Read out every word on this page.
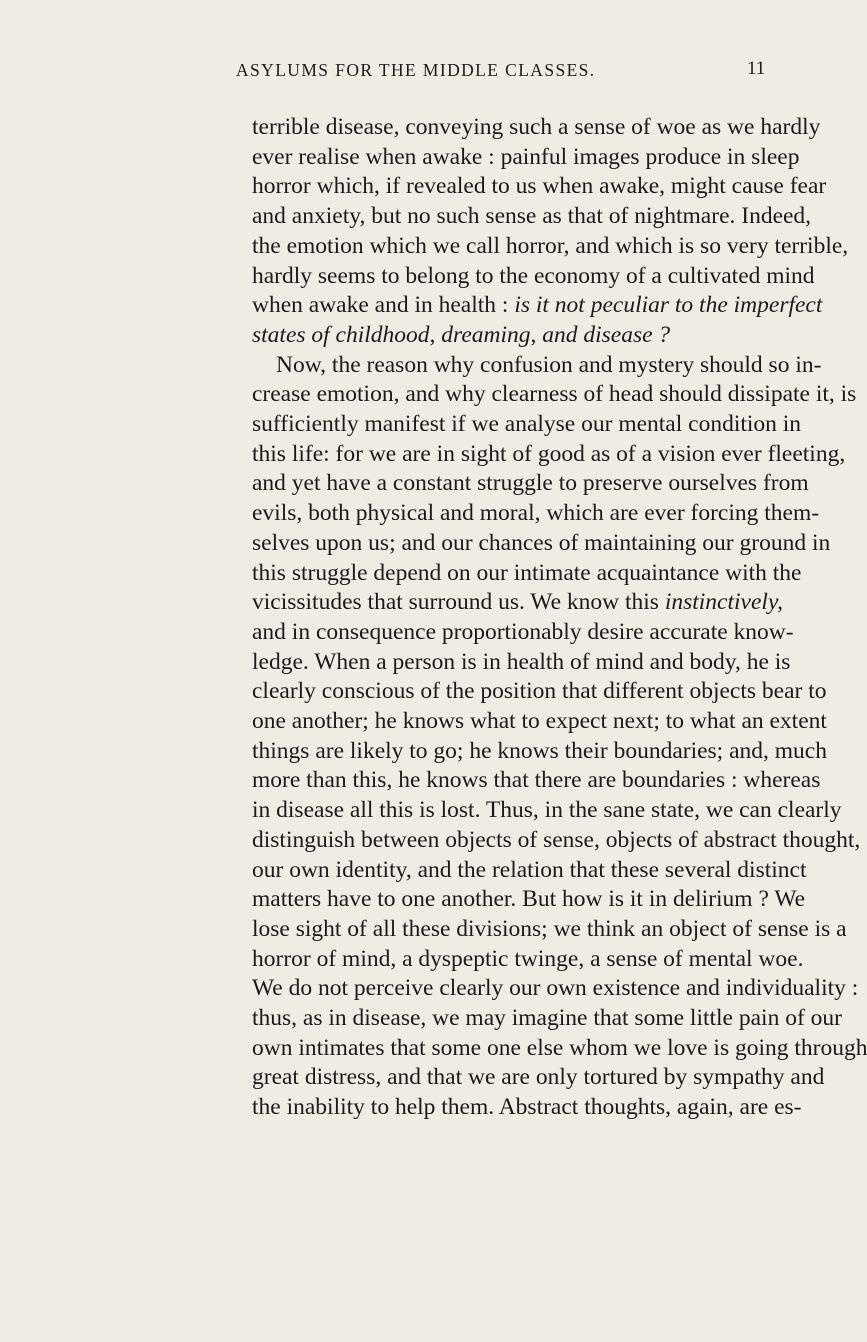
ASYLUMS FOR THE MIDDLE CLASSES.	11
terrible disease, conveying such a sense of woe as we hardly
ever realise when awake : painful images produce in sleep
horror which, if revealed to us when awake, might cause fear
and anxiety, but no such sense as that of nightmare. Indeed,
the emotion which we call horror, and which is so very terrible,
hardly seems to belong to the economy of a cultivated mind
when awake and in health : is it not peculiar to the imperfect
states of childhood, dreaming, and disease ?
Now, the reason why confusion and mystery should so in-
crease emotion, and why clearness of head should dissipate it, is
sufficiently manifest if we analyse our mental condition in
this life: for we are in sight of good as of a vision ever fleeting,
and yet have a constant struggle to preserve ourselves from
evils, both physical and moral, which are ever forcing them-
selves upon us; and our chances of maintaining our ground in
this struggle depend on our intimate acquaintance with the
vicissitudes that surround us. We know this instinctively,
and in consequence proportionably desire accurate know-
ledge. When a person is in health of mind and body, he is
clearly conscious of the position that different objects bear to
one another; he knows what to expect next; to what an extent
things are likely to go; he knows their boundaries; and, much
more than this, he knows that there are boundaries : whereas
in disease all this is lost. Thus, in the sane state, we can clearly
distinguish between objects of sense, objects of abstract thought,
our own identity, and the relation that these several distinct
matters have to one another. But how is it in delirium ? We
lose sight of all these divisions; we think an object of sense is a
horror of mind, a dyspeptic twinge, a sense of mental woe.
We do not perceive clearly our own existence and individuality :
thus, as in disease, we may imagine that some little pain of our
own intimates that some one else whom we love is going through
great distress, and that we are only tortured by sympathy and
the inability to help them. Abstract thoughts, again, are es-
